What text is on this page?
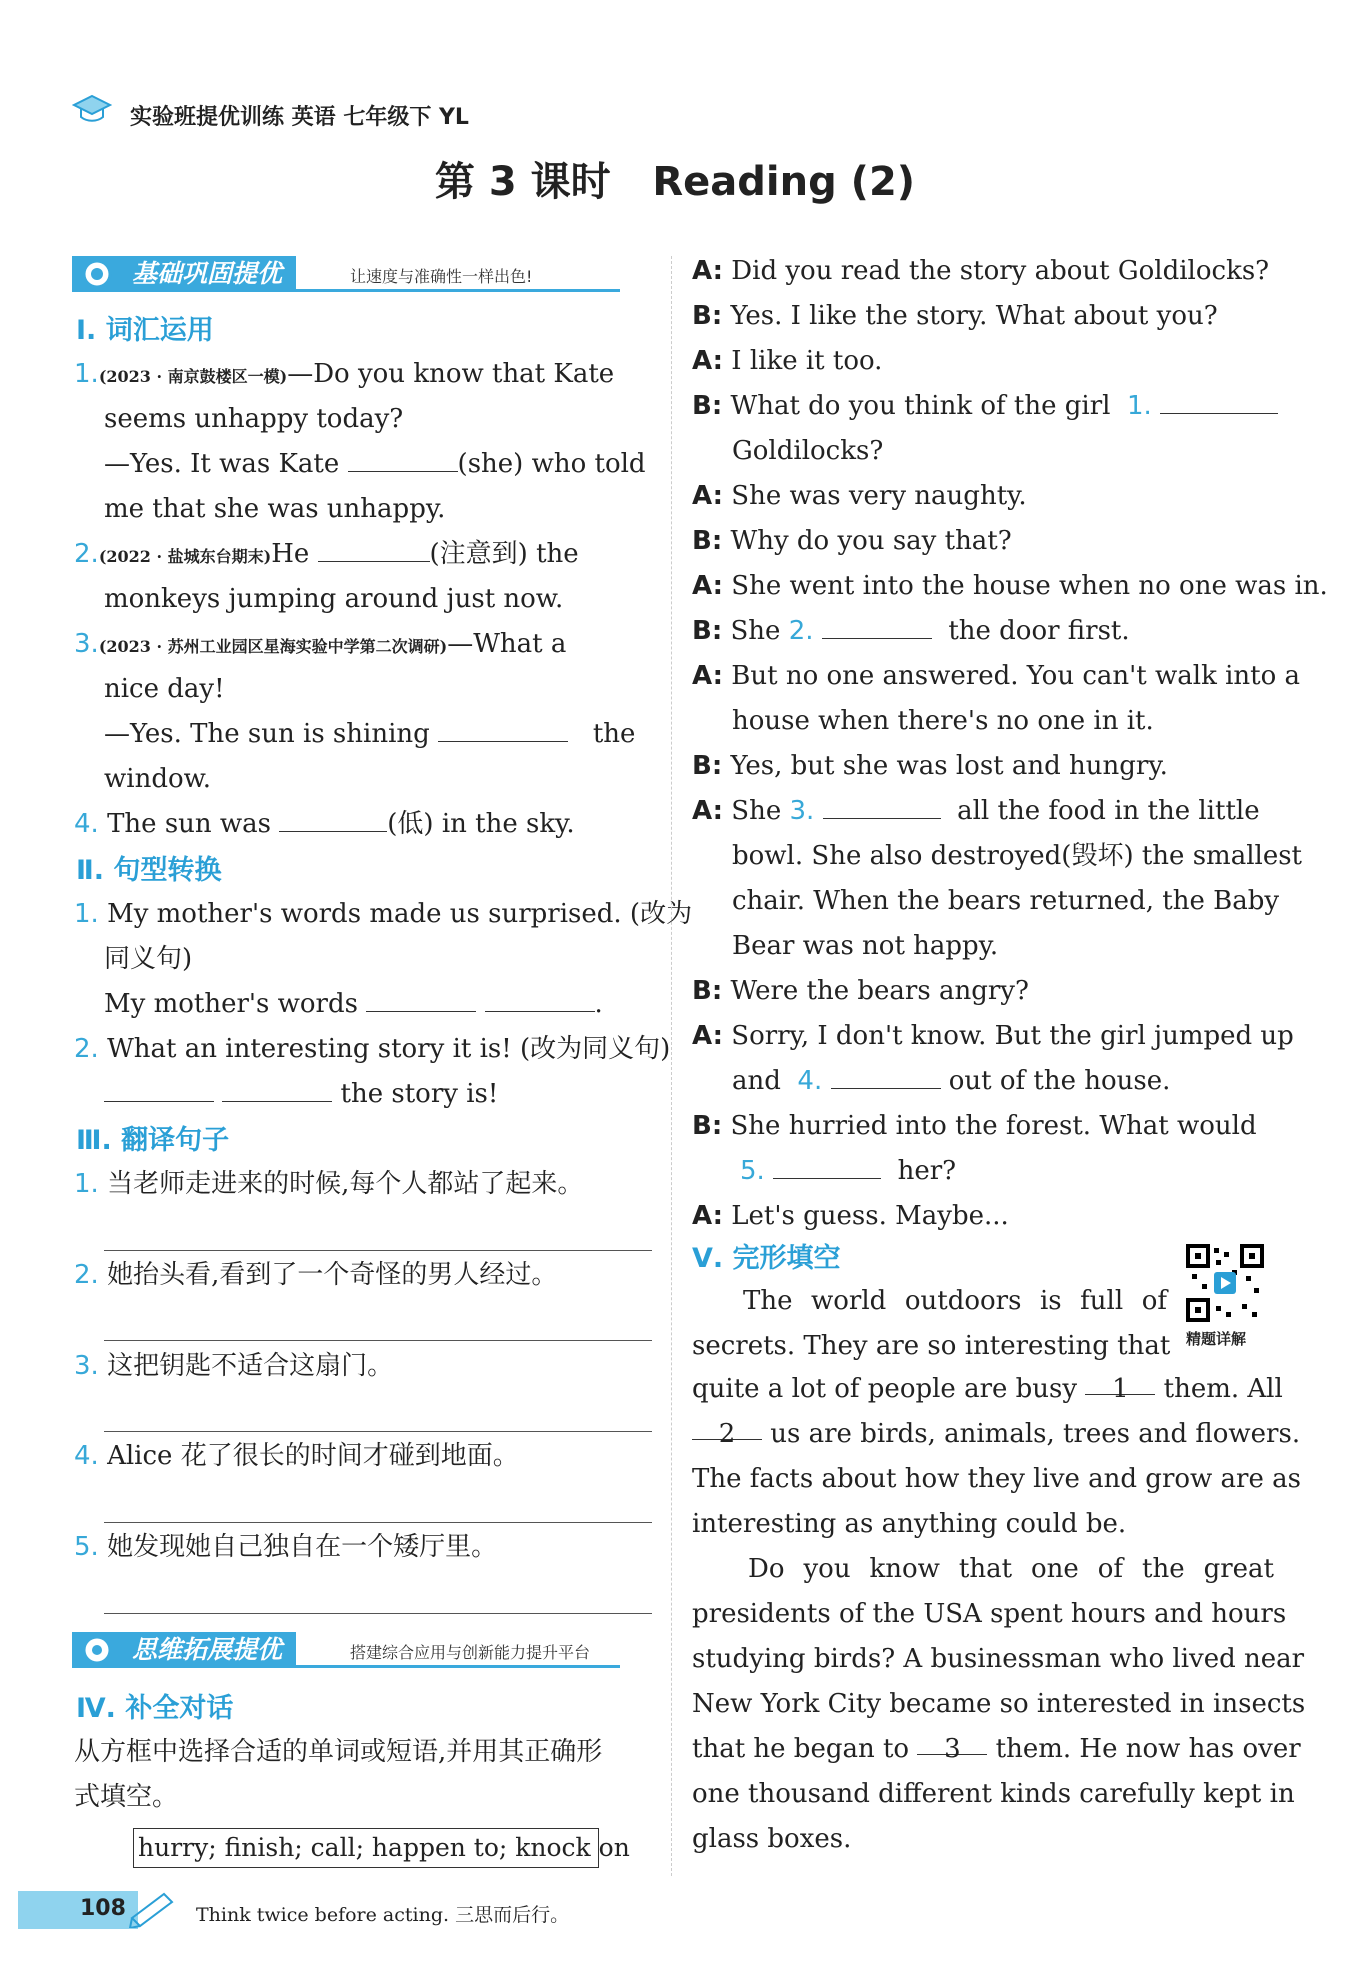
实验班提优训练 英语 七年级下 YL
第 3 课时 Reading (2)
基础巩固提优	让速度与准确性一样出色!
Ⅰ. 词汇运用
1.(2023 · 南京鼓楼区一模)—Do you know that Kate
seems unhappy today?
—Yes. It was Kate	(she) who told
me that she was unhappy.
2.(2022 · 盐城东台期末)He	(注意到) the
monkeys jumping around just now.
3.(2023 · 苏州工业园区星海实验中学第二次调研)—What a
nice day!
—Yes. The sun is shining	the
window.
4. The sun was	(低) in the sky.
Ⅱ. 句型转换
1. My mother's words made us surprised. (改为
同义句)
My mother's words	.
2. What an interesting story it is! (改为同义句)
the story is!
Ⅲ. 翻译句子
1. 当老师走进来的时候,每个人都站了起来。
2. 她抬头看,看到了一个奇怪的男人经过。
3. 这把钥匙不适合这扇门。
4. Alice 花了很长的时间才碰到地面。
5. 她发现她自己独自在一个矮厅里。
思维拓展提优	搭建综合应用与创新能力提升平台
Ⅳ. 补全对话
从方框中选择合适的单词或短语,并用其正确形
式填空。
hurry; finish; call; happen to; knock on
A: Did you read the story about Goldilocks?
B: Yes. I like the story. What about you?
A: I like it too.
B: What do you think of the girl 1.
Goldilocks?
A: She was very naughty.
B: Why do you say that?
A: She went into the house when no one was in.
B: She 2.	the door first.
A: But no one answered. You can't walk into a
house when there's no one in it.
B: Yes, but she was lost and hungry.
A: She 3.	all the food in the little
bowl. She also destroyed(毁坏) the smallest
chair. When the bears returned, the Baby
Bear was not happy.
B: Were the bears angry?
A: Sorry, I don't know. But the girl jumped up
and 4.	out of the house.
B: She hurried into the forest. What would
5.	her?
A: Let's guess. Maybe...
Ⅴ. 完形填空
精题详解
The world outdoors is full of
secrets. They are so interesting that
quite a lot of people are busy 1 them. All
2 us are birds, animals, trees and flowers.
The facts about how they live and grow are as
interesting as anything could be.
Do you know that one of the great
presidents of the USA spent hours and hours
studying birds? A businessman who lived near
New York City became so interested in insects
that he began to 3 them. He now has over
one thousand different kinds carefully kept in
glass boxes.
108	Think twice before acting. 三思而后行。
